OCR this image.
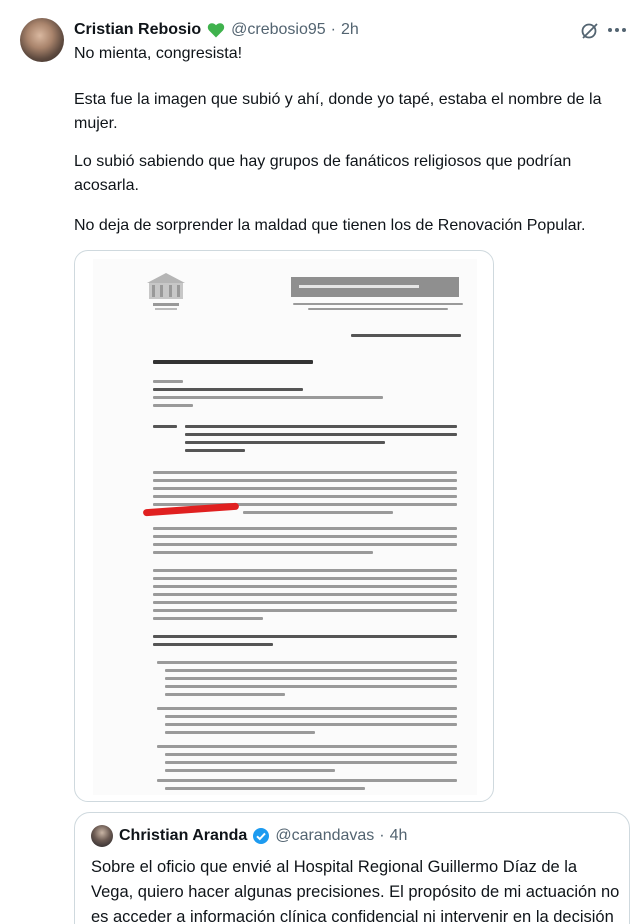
Cristian Rebosio @crebosio95 · 2h
No mienta, congresista!
Esta fue la imagen que subió y ahí, donde yo tapé, estaba el nombre de la mujer.
Lo subió sabiendo que hay grupos de fanáticos religiosos que podrían acosarla.
No deja de sorprender la maldad que tienen los de Renovación Popular.
Christian Aranda @carandavas · 4h
Sobre el oficio que envié al Hospital Regional Guillermo Díaz de la Vega, quiero hacer algunas precisiones. El propósito de mi actuación no es acceder a información clínica confidencial ni intervenir en la decisión
